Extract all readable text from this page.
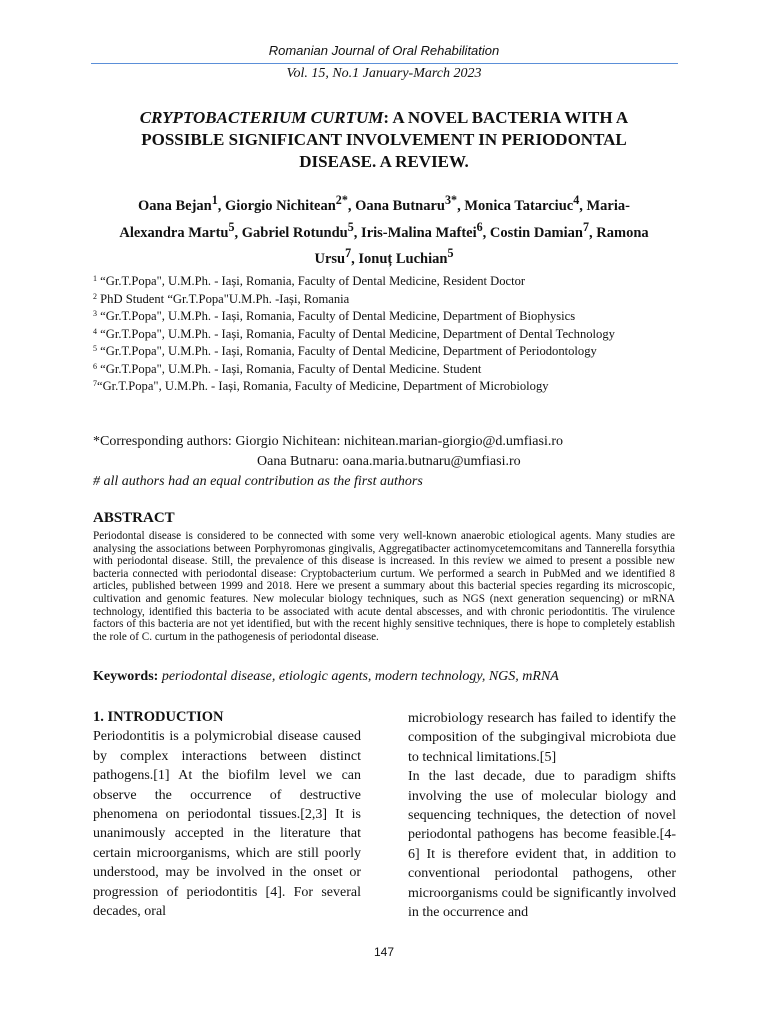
Romanian Journal of Oral Rehabilitation
Vol. 15, No.1 January-March 2023
CRYPTOBACTERIUM CURTUM: A NOVEL BACTERIA WITH A
POSSIBLE SIGNIFICANT INVOLVEMENT IN PERIODONTAL
DISEASE. A REVIEW.
Oana Bejan$^1$, Giorgio Nichitean$^{2*}$, Oana Butnaru$^{3*}$, Monica Tatarciuc$^4$, Maria-
Alexandra Martu$^5$, Gabriel Rotundu$^5$, Iris-Malina Maftei$^6$, Costin Damian$^7$, Ramona
Ursu$^7$, Ionuț Luchian$^5$
$^1$ “Gr.T.Popa", U.M.Ph. - Iași, Romania, Faculty of Dental Medicine, Resident Doctor
$^2$ PhD Student “Gr.T.Popa"U.M.Ph. -Iași, Romania
$^3$ “Gr.T.Popa", U.M.Ph. - Iași, Romania, Faculty of Dental Medicine, Department of Biophysics
$^4$ “Gr.T.Popa", U.M.Ph. - Iași, Romania, Faculty of Dental Medicine, Department of Dental Technology
$^5$ “Gr.T.Popa", U.M.Ph. - Iași, Romania, Faculty of Dental Medicine, Department of Periodontology
$^6$ “Gr.T.Popa", U.M.Ph. - Iași, Romania, Faculty of Dental Medicine. Student
$^7$“Gr.T.Popa", U.M.Ph. - Iași, Romania, Faculty of Medicine, Department of Microbiology
*Corresponding authors: Giorgio Nichitean: nichitean.marian-giorgio@d.umfiasi.ro
Oana Butnaru: oana.maria.butnaru@umfiasi.ro
# all authors had an equal contribution as the first authors
ABSTRACT
Periodontal disease is considered to be connected with some very well-known anaerobic etiological agents. Many studies are analysing the associations between Porphyromonas gingivalis, Aggregatibacter actinomycetemcomitans and Tannerella forsythia with periodontal disease. Still, the prevalence of this disease is increased. In this review we aimed to present a possible new bacteria connected with periodontal disease: Cryptobacterium curtum. We performed a search in PubMed and we identified 8 articles, published between 1999 and 2018. Here we present a summary about this bacterial species regarding its microscopic, cultivation and genomic features. New molecular biology techniques, such as NGS (next generation sequencing) or mRNA technology, identified this bacteria to be associated with acute dental abscesses, and with chronic periodontitis. The virulence factors of this bacteria are not yet identified, but with the recent highly sensitive techniques, there is hope to completely establish the role of C. curtum in the pathogenesis of periodontal disease.
Keywords: periodontal disease, etiologic agents, modern technology, NGS, mRNA
1. INTRODUCTION
Periodontitis is a polymicrobial disease caused by complex interactions between distinct pathogens.[1] At the biofilm level we can observe the occurrence of destructive phenomena on periodontal tissues.[2,3] It is unanimously accepted in the literature that certain microorganisms, which are still poorly understood, may be involved in the onset or progression of periodontitis [4]. For several decades, oral
microbiology research has failed to identify the composition of the subgingival microbiota due to technical limitations.[5]
In the last decade, due to paradigm shifts involving the use of molecular biology and sequencing techniques, the detection of novel periodontal pathogens has become feasible.[4-6] It is therefore evident that, in addition to conventional periodontal pathogens, other microorganisms could be significantly involved in the occurrence and
147
